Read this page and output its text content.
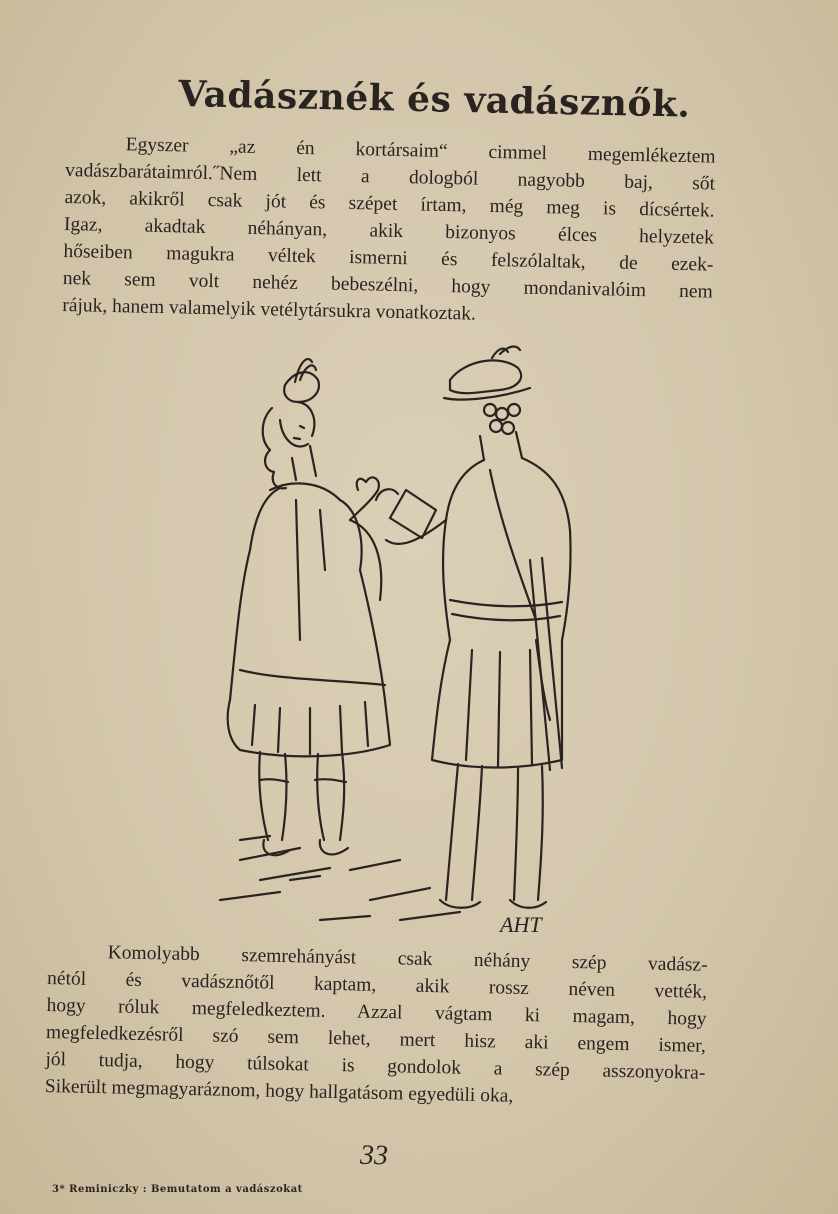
Vadásznék és vadásznők.
Egyszer „az én kortársaim“ cimmel megemlékeztem
vadászbarátaimról.˝Nem lett a dologból nagyobb baj, sőt
azok, akikről csak jót és szépet írtam, még meg is dícsértek.
Igaz, akadtak néhányan, akik bizonyos élces helyzetek
hőseiben magukra véltek ismerni és felszólaltak, de ezek-
nek sem volt nehéz bebeszélni, hogy mondanivalóim nem
rájuk, hanem valamelyik vetélytársukra vonatkoztak.
AHT
Komolyabb szemrehányást csak néhány szép vadász-
nétól és vadásznőtől kaptam, akik rossz néven vették,
hogy róluk megfeledkeztem. Azzal vágtam ki magam, hogy
megfeledkezésről szó sem lehet, mert hisz aki engem ismer,
jól tudja, hogy túlsokat is gondolok a szép asszonyokra-
Sikerült megmagyaráznom, hogy hallgatásom egyedüli oka,
33
3* Reminiczky : Bemutatom a vadászokat
